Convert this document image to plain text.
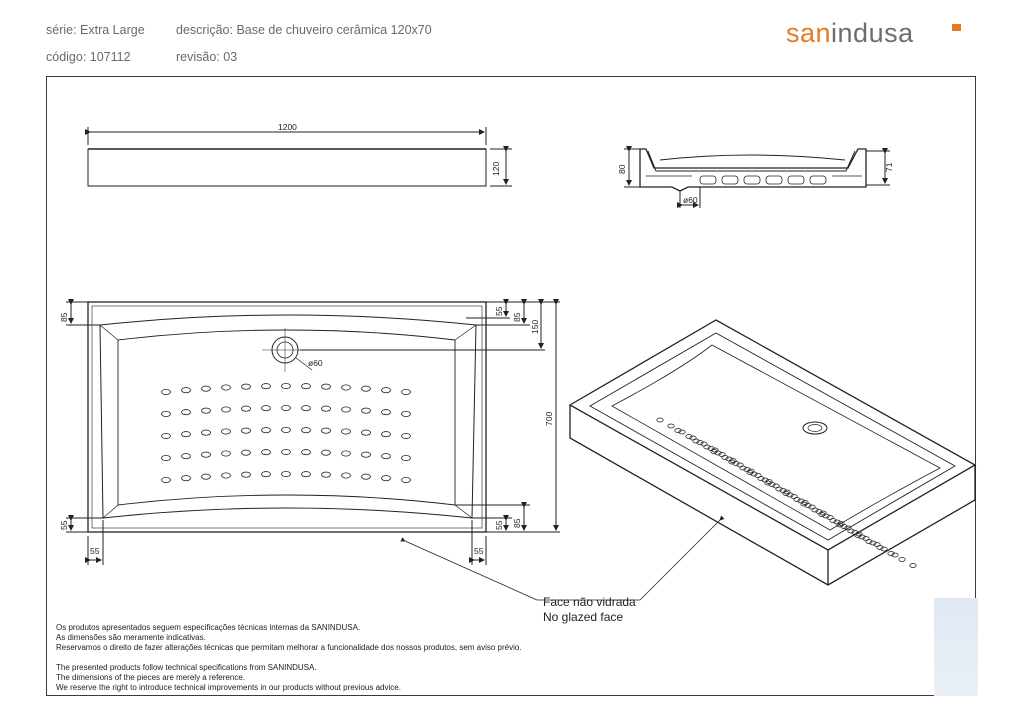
série: Extra Large	descrição: Base de chuveiro cerâmica 120x70
código: 107112	revisão: 03
sanindusa
1200
120	80	71
ø60
85
55
85
150
ø60
700
55	55 85
55	55
Face não vidrada
No glazed face
Os produtos apresentados seguem especificações técnicas internas da SANINDUSA.
As dimensões são meramente indicativas.
Reservamos o direito de fazer alterações técnicas que permitam melhorar a funcionalidade dos nossos produtos, sem aviso prévio.
The presented products follow technical specifications from SANINDUSA.
The dimensions of the pieces are merely a reference.
We reserve the right to introduce technical improvements in our products without previous advice.
